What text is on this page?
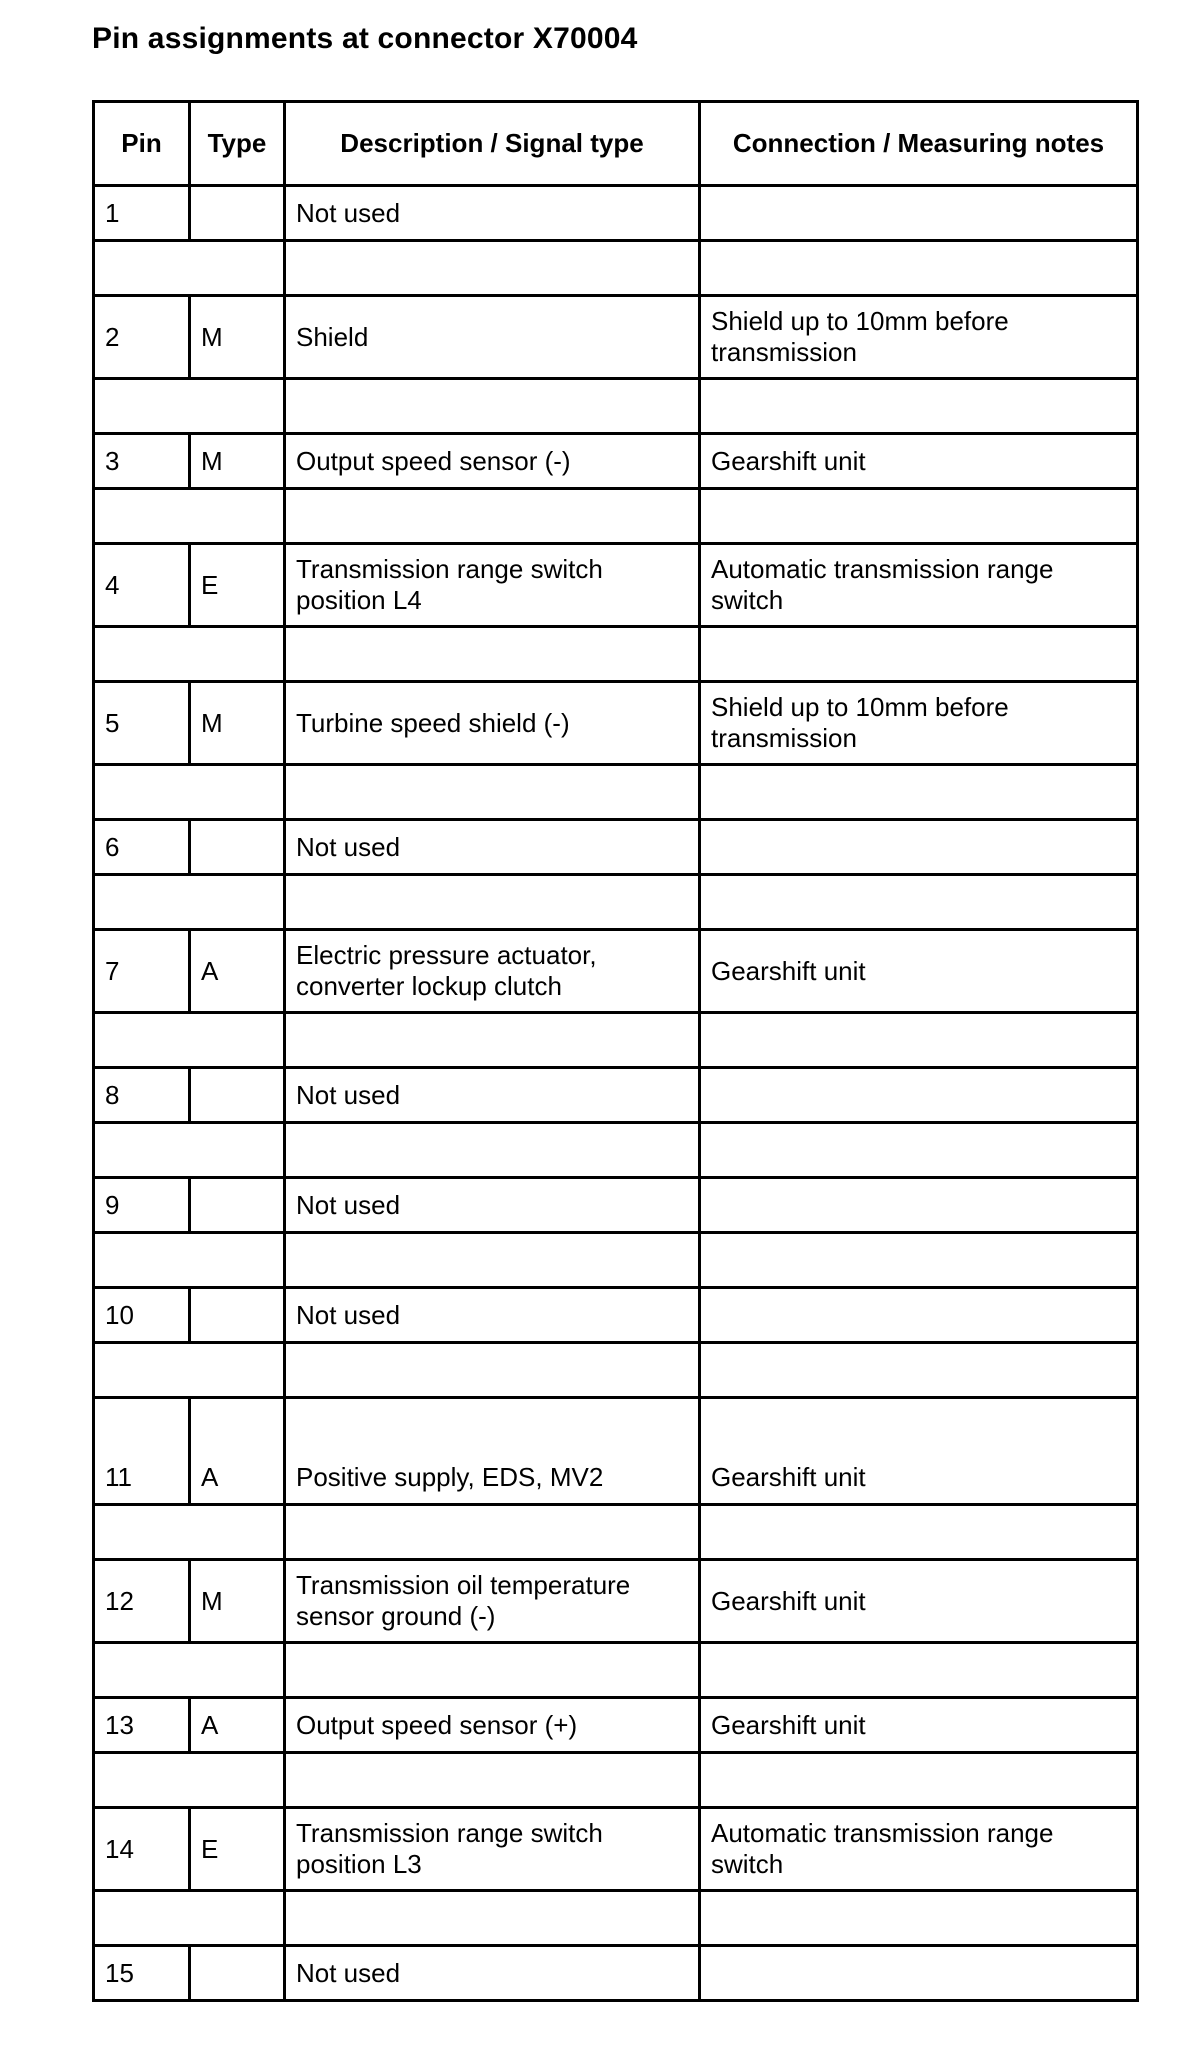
Pin assignments at connector X70004
Pin	Type	Description / Signal type	Connection / Measuring notes
1		Not used	

2	M	Shield	Shield up to 10mm before transmission

3	M	Output speed sensor (-)	Gearshift unit

4	E	Transmission range switch position L4	Automatic transmission range switch

5	M	Turbine speed shield (-)	Shield up to 10mm before transmission

6		Not used	

7	A	Electric pressure actuator, converter lockup clutch	Gearshift unit

8		Not used	

9		Not used	

10		Not used	

11	A	Positive supply, EDS, MV2	Gearshift unit

12	M	Transmission oil temperature sensor ground (-)	Gearshift unit

13	A	Output speed sensor (+)	Gearshift unit

14	E	Transmission range switch position L3	Automatic transmission range switch

15		Not used	
